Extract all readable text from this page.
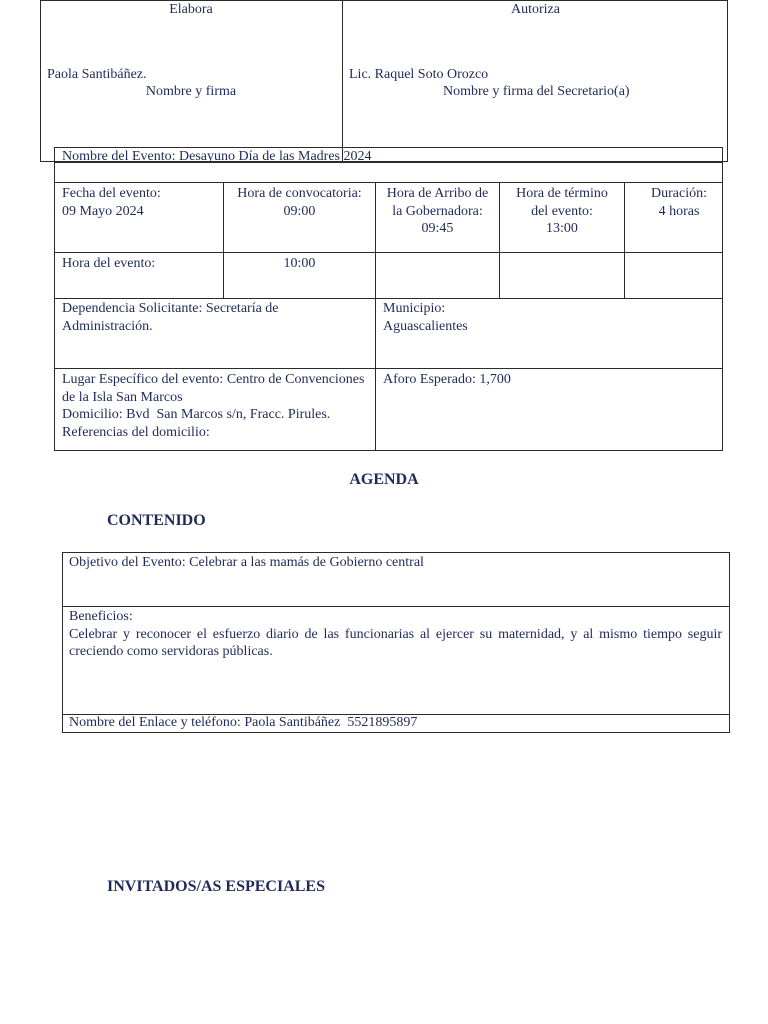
Elabora
Paola Santibáñez.
Nombre y firma
Autoriza
Lic. Raquel Soto Orozco
Nombre y firma del Secretario(a)
Nombre del Evento: Desayuno Día de las Madres 2024
Fecha del evento:
09 Mayo 2024
Hora de convocatoria:
09:00
Hora de Arribo de la Gobernadora:
09:45
Hora de término del evento:
13:00
Duración:
4 horas
Hora del evento:	10:00
Dependencia Solicitante: Secretaría de Administración.
Municipio:
Aguascalientes
Lugar Específico del evento: Centro de Convenciones de la Isla San Marcos
Domicilio: Bvd  San Marcos s/n, Fracc. Pirules.
Referencias del domicilio:
Aforo Esperado: 1,700
AGENDA
CONTENIDO
Objetivo del Evento: Celebrar a las mamás de Gobierno central
Beneficios:
Celebrar y reconocer el esfuerzo diario de las funcionarias al ejercer su maternidad, y al mismo tiempo seguir creciendo como servidoras públicas.
Nombre del Enlace y teléfono: Paola Santibáñez  5521895897
INVITADOS/AS ESPECIALES
